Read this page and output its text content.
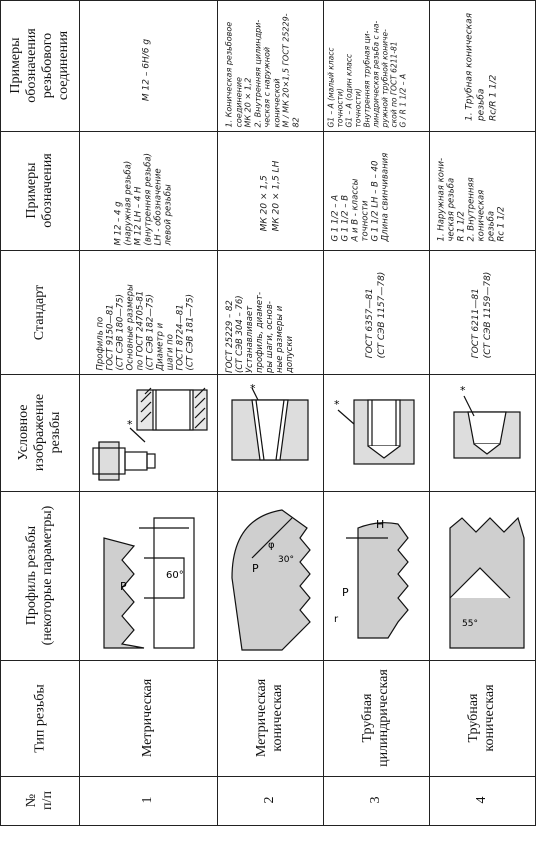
Примеры
обозначения
резьбового
соединения
Примеры
обозначения
Стандарт
Условное
изображение
резьбы
Профиль резьбы
(некоторые параметры)
Тип резьбы
№
п/п
M 12 – 6H/6 g
М 12 – 4 g
(наружная резьба)
М 12 LH – 4 H
(внутренняя резьба)
LH - обозначение
левой резьбы
Профиль по
ГОСТ 9150—81
(СТ СЭВ 180—75)
Основные размеры
по ГОСТ 24705-81
(СТ СЭВ 182—75)
Диаметр и
шаги по
ГОСТ 8724—81
(СТ СЭВ 181—75)
*
P
60°
Метрическая
1
1. Коническая резьбовое
соединение
МК 20 × 1,2
2. Внутренняя цилиндри-
ческая с наружной
конической
М / МК 20×1,5 ГОСТ 25229-82
МК 20 × 1,5
МК 20 × 1,5 LH
ГОСТ 25229 – 82
(СТ СЭВ 304 – 76)
Устанавливает
профиль, диамет-
ры шаги, основ-
ные размеры и
допуски
*
P
φ
30°
Метрическая
коническая
2
G1 – A (малый класс
точности)
G1 – A (один класс
точности)
Внутренняя трубная ци-
линдрическая резьба с на-
ружной трубной кониче-
ской по ГОСТ 6211-81
G / R 1 1/2 – A
G 1 1/2 – A
G 1 1/2 – B
A и B - классы
точности
G 1 1/2 LH – B – 40
Длина свинчивания
ГОСТ 6357—81
(СТ СЭВ 1157—78)
*
H
P
r
Трубная
цилиндрическая
3
1. Трубная коническая
резьба
Rc/R 1 1/2
1. Наружная кони-
ческая резьба
R 1 1/2
2. Внутренняя
коническая
резьба
Rc 1 1/2
ГОСТ 6211—81
(СТ СЭВ 1159—78)
*
55°
Трубная
коническая
4
